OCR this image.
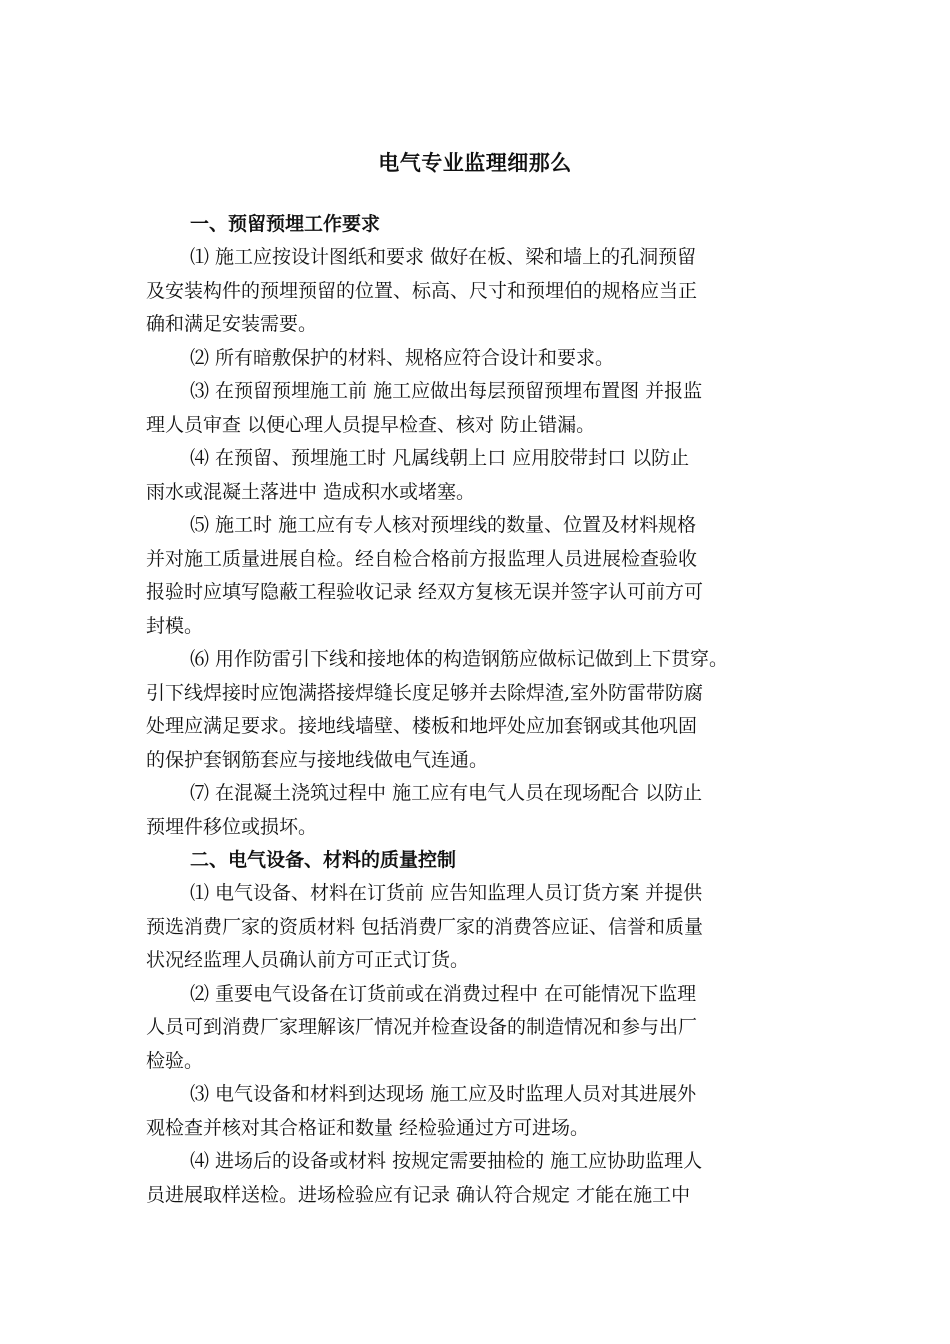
电气专业监理细那么
一、预留预埋工作要求
⑴ 施工应按设计图纸和要求 做好在板、梁和墙上的孔洞预留
及安装构件的预埋预留的位置、标高、尺寸和预埋伯的规格应当正
确和满足安装需要。
⑵ 所有暗敷保护的材料、规格应符合设计和要求。
⑶ 在预留预埋施工前 施工应做出每层预留预埋布置图 并报监
理人员审查 以便心理人员提早检查、核对 防止错漏。
⑷ 在预留、预埋施工时 凡属线朝上口 应用胶带封口 以防止
雨水或混凝土落进中 造成积水或堵塞。
⑸ 施工时 施工应有专人核对预埋线的数量、位置及材料规格
并对施工质量进展自检。经自检合格前方报监理人员进展检查验收
报验时应填写隐蔽工程验收记录 经双方复核无误并签字认可前方可
封模。
⑹ 用作防雷引下线和接地体的构造钢筋应做标记做到上下贯穿。
引下线焊接时应饱满搭接焊缝长度足够并去除焊渣,室外防雷带防腐
处理应满足要求。接地线墙壁、楼板和地坪处应加套钢或其他巩固
的保护套钢筋套应与接地线做电气连通。
⑺ 在混凝土浇筑过程中 施工应有电气人员在现场配合 以防止
预埋件移位或损坏。
二、电气设备、材料的质量控制
⑴ 电气设备、材料在订货前 应告知监理人员订货方案 并提供
预选消费厂家的资质材料 包括消费厂家的消费答应证、信誉和质量
状况经监理人员确认前方可正式订货。
⑵ 重要电气设备在订货前或在消费过程中 在可能情况下监理
人员可到消费厂家理解该厂情况并检查设备的制造情况和参与出厂
检验。
⑶ 电气设备和材料到达现场 施工应及时监理人员对其进展外
观检查并核对其合格证和数量 经检验通过方可进场。
⑷ 进场后的设备或材料 按规定需要抽检的 施工应协助监理人
员进展取样送检。进场检验应有记录 确认符合规定 才能在施工中
